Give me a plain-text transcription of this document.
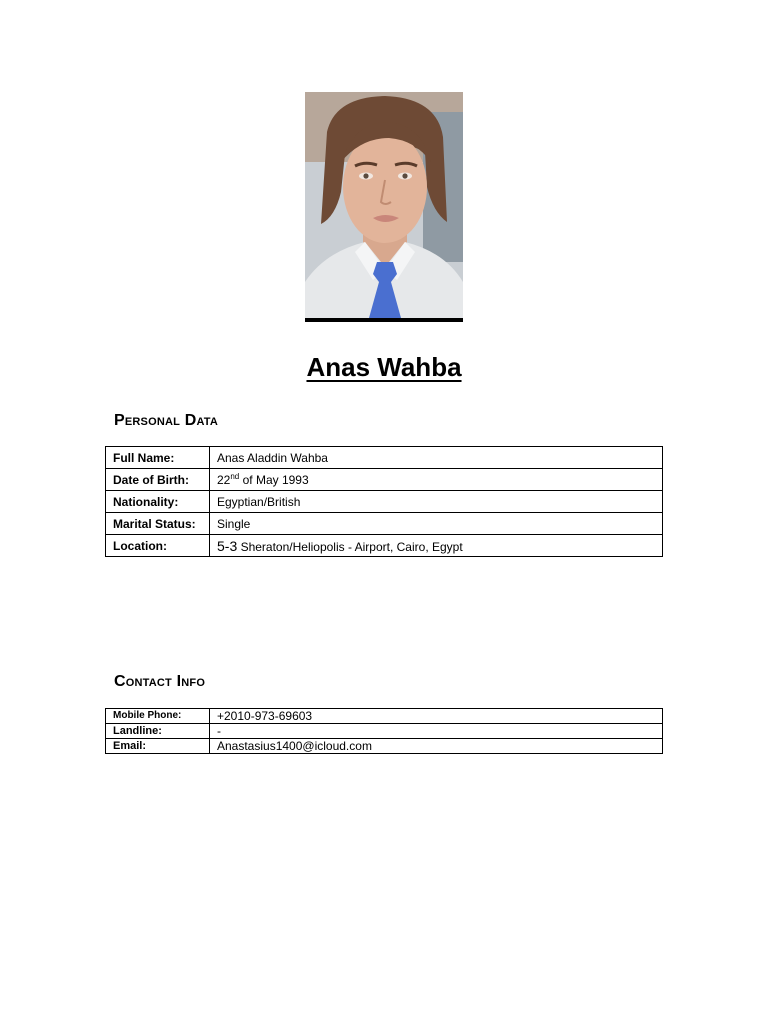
Anas Wahba
Personal Data
Full Name:	Anas Aladdin Wahba
Date of Birth:	22nd of May 1993
Nationality:	Egyptian/British
Marital Status:	Single
Location:	5-3 Sheraton/Heliopolis - Airport, Cairo, Egypt
Contact Info
Mobile Phone:	+2010-973-69603
Landline:	-
Email:	Anastasius1400@icloud.com
